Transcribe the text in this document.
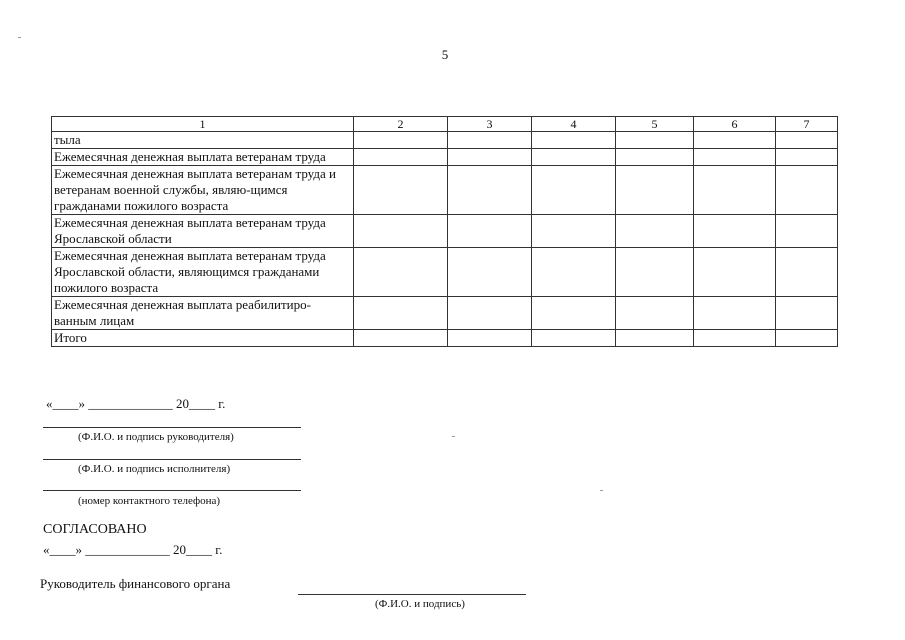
5
1	2	3	4	5	6	7
тыла						
Ежемесячная денежная выплата ветеранам труда						
Ежемесячная денежная выплата ветеранам труда и ветеранам военной службы, являю-щимся гражданами пожилого возраста						
Ежемесячная денежная выплата ветеранам труда Ярославской области						
Ежемесячная денежная выплата ветеранам труда Ярославской области, являющимся гражданами пожилого возраста						
Ежемесячная денежная выплата реабилитиро-ванным лицам						
Итого						
«____» _____________ 20____ г.
(Ф.И.О. и подпись руководителя)
(Ф.И.О. и подпись исполнителя)
(номер контактного телефона)
СОГЛАСОВАНО
«____» _____________ 20____ г.
Руководитель финансового органа
(Ф.И.О. и подпись)
